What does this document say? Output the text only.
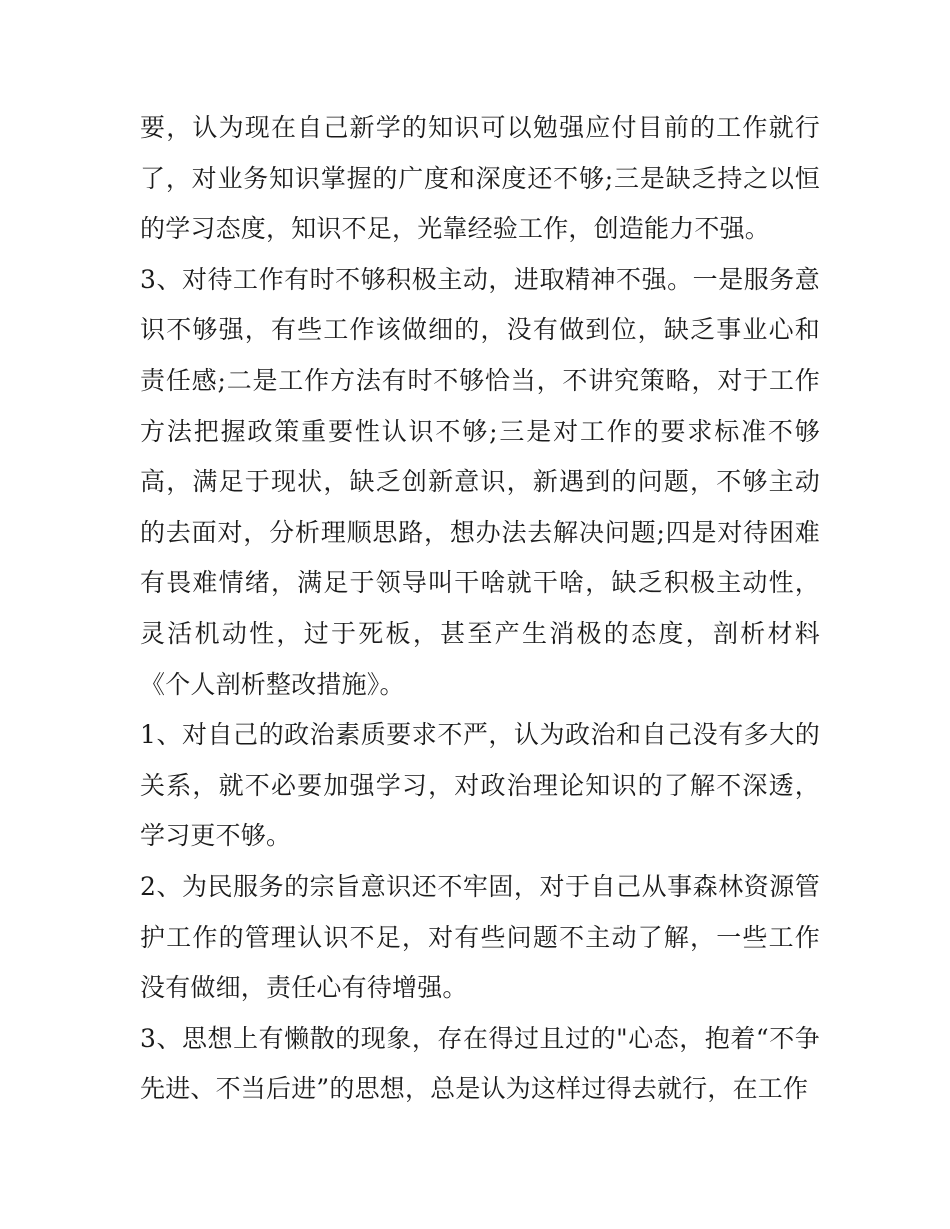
要，认为现在自己新学的知识可以勉强应付目前的工作就行了，对业务知识掌握的广度和深度还不够;三是缺乏持之以恒的学习态度，知识不足，光靠经验工作，创造能力不强。

3、对待工作有时不够积极主动，进取精神不强。一是服务意识不够强，有些工作该做细的，没有做到位，缺乏事业心和责任感;二是工作方法有时不够恰当，不讲究策略，对于工作方法把握政策重要性认识不够;三是对工作的要求标准不够高，满足于现状，缺乏创新意识，新遇到的问题，不够主动的去面对，分析理顺思路，想办法去解决问题;四是对待困难有畏难情绪，满足于领导叫干啥就干啥，缺乏积极主动性，灵活机动性，过于死板，甚至产生消极的态度，剖析材料《个人剖析整改措施》。

1、对自己的政治素质要求不严，认为政治和自己没有多大的关系，就不必要加强学习，对政治理论知识的了解不深透，学习更不够。

2、为民服务的宗旨意识还不牢固，对于自己从事森林资源管护工作的管理认识不足，对有些问题不主动了解，一些工作没有做细，责任心有待增强。

3、思想上有懒散的现象，存在得过且过的"心态，抱着“不争先进、不当后进”的思想，总是认为这样过得去就行，在工作
